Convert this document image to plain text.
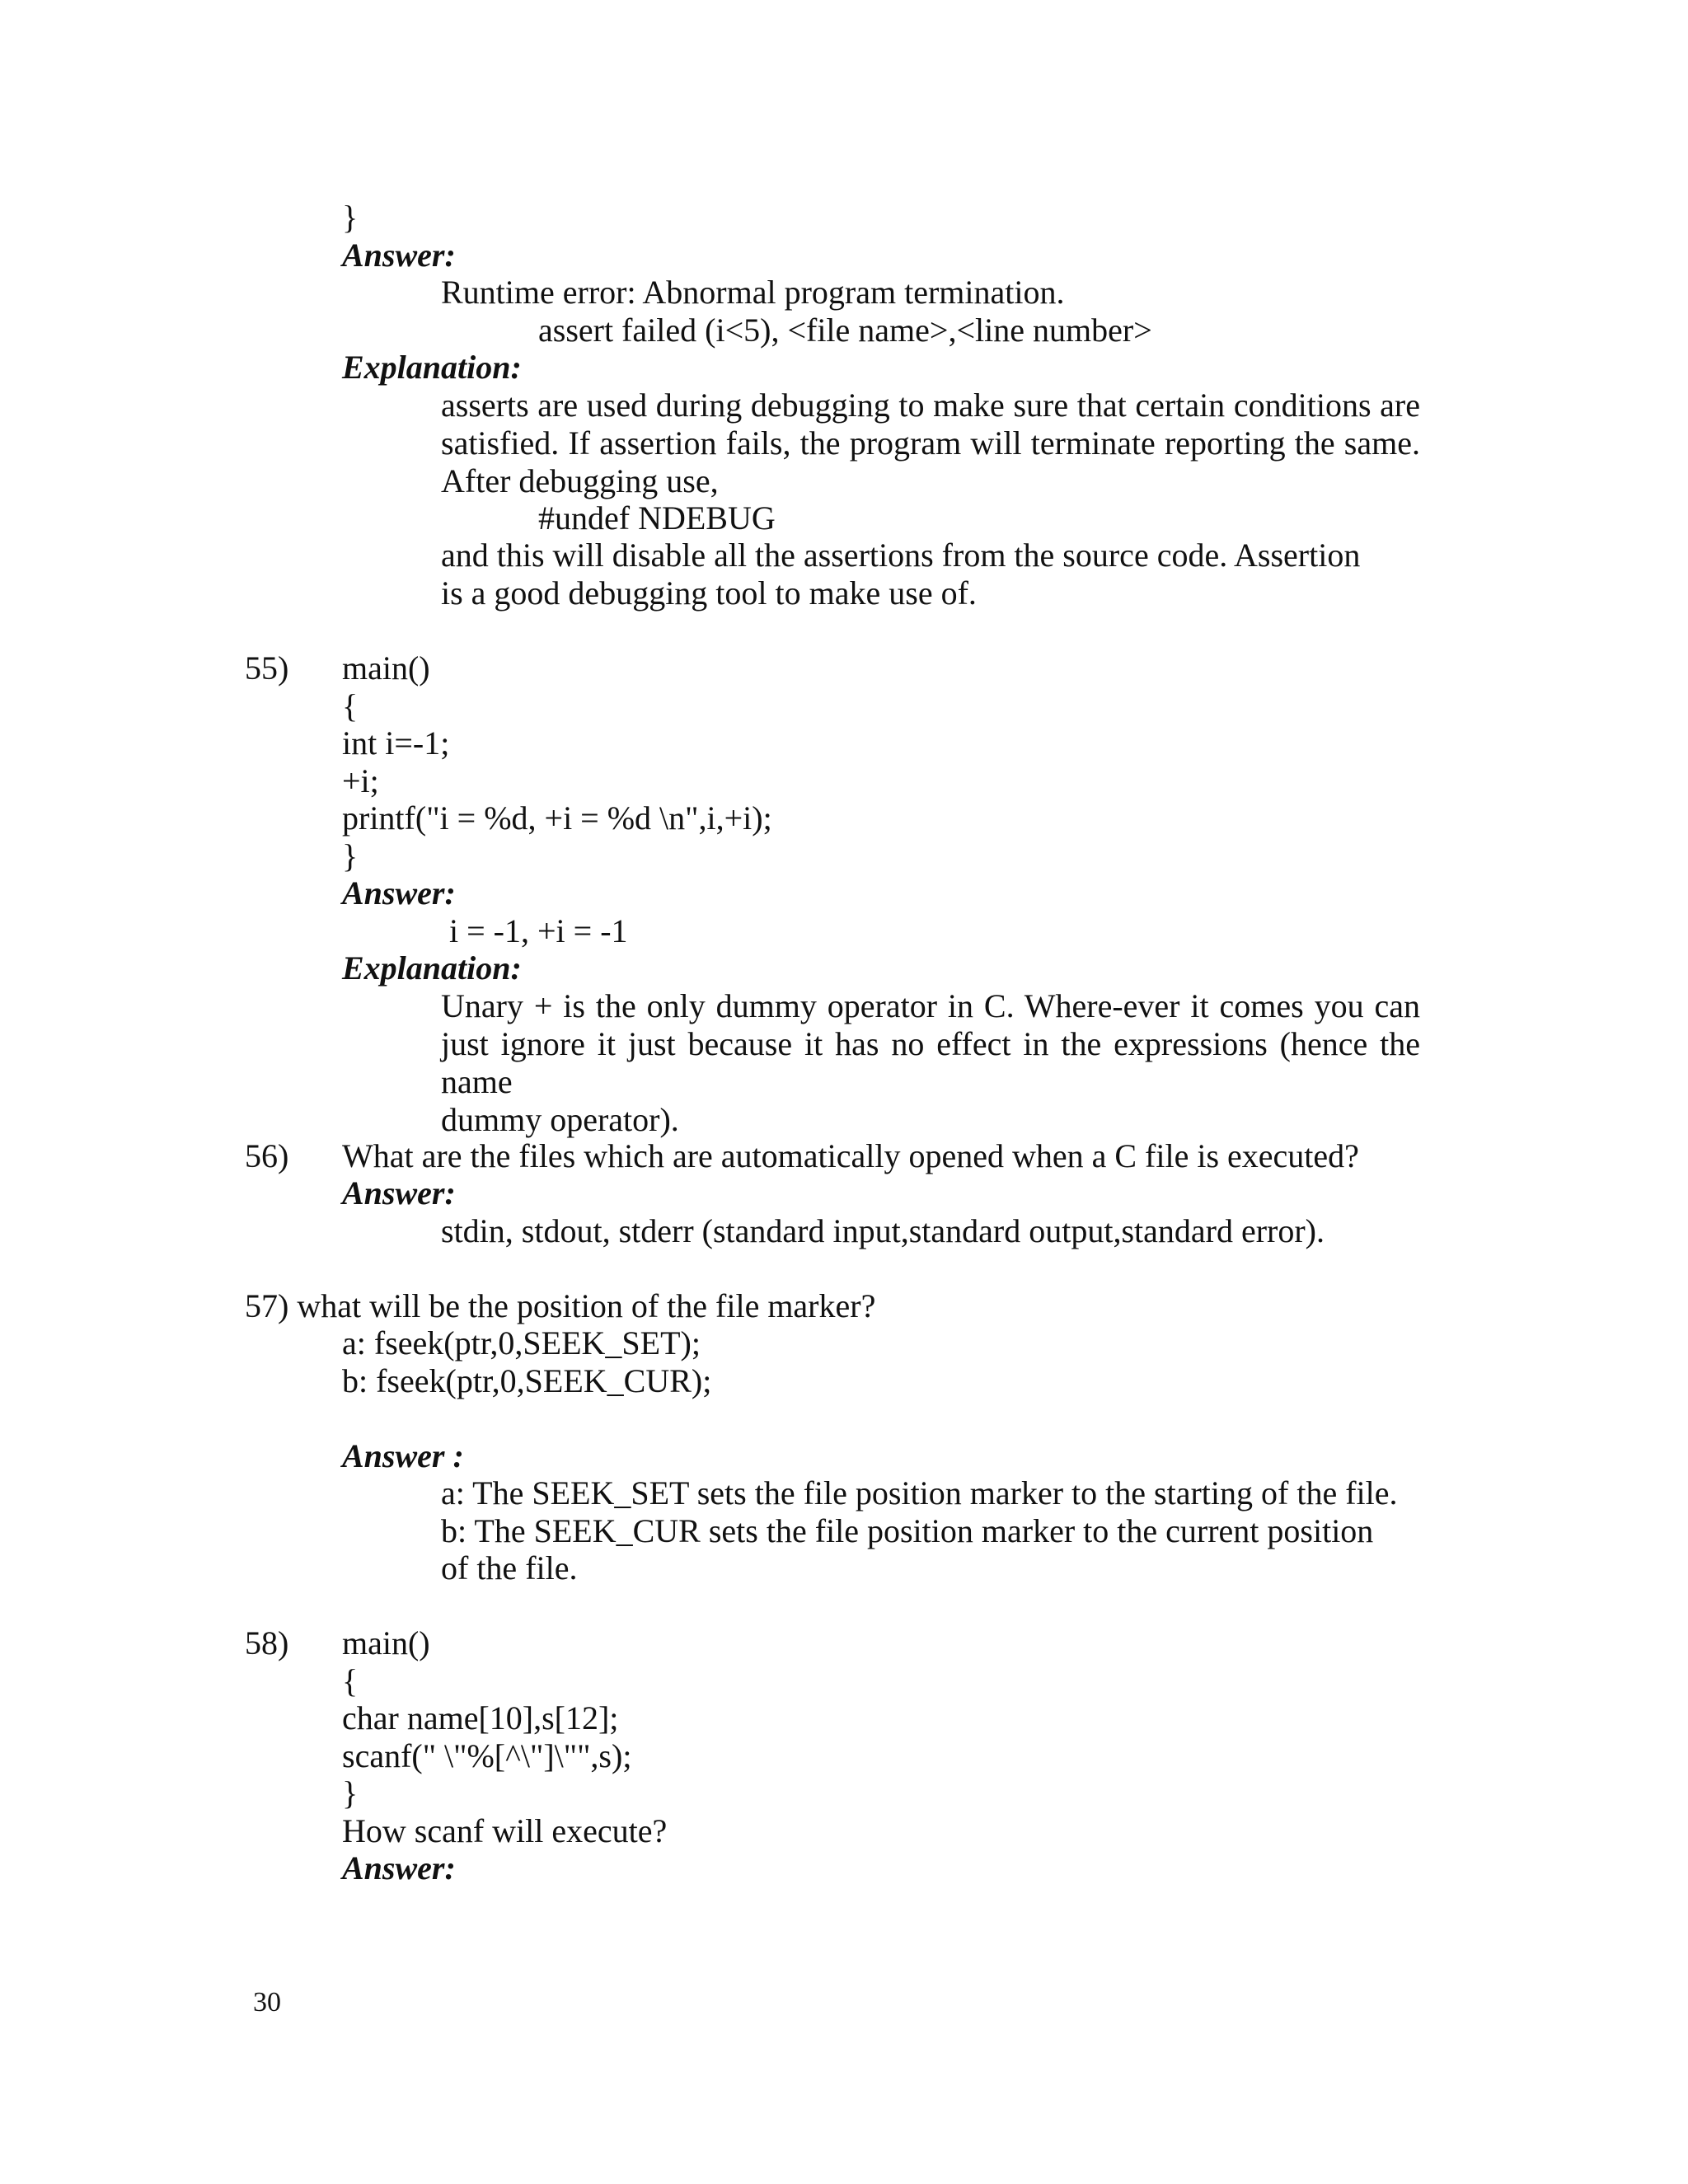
}

Answer:

Runtime error: Abnormal program termination.

assert failed (i<5), <file name>,<line number>

Explanation:

asserts are used during debugging to make sure that certain conditions are
satisfied. If assertion fails, the program will terminate reporting the same.
After debugging use,

#undef NDEBUG

and this will disable all the assertions from the source code. Assertion

is a good debugging tool to make use of.

55) main()

{

int i=-1;

+i;

printf("i = %d, +i = %d \n",i,+i);

}

Answer:

i = -1, +i = -1

Explanation:

Unary + is the only dummy operator in C. Where-ever it comes you can
just ignore it just because it has no effect in the expressions (hence the name
dummy operator).

56) What are the files which are automatically opened when a C file is executed?

Answer:

stdin, stdout, stderr (standard input,standard output,standard error).

57) what will be the position of the file marker?

a: fseek(ptr,0,SEEK_SET);

b: fseek(ptr,0,SEEK_CUR);

Answer :

a: The SEEK_SET sets the file position marker to the starting of the file.

b: The SEEK_CUR sets the file position marker to the current position

of the file.

58) main()

{

char name[10],s[12];

scanf(" \"%[^\"]\"",s);

}

How scanf will execute?

Answer:

30
